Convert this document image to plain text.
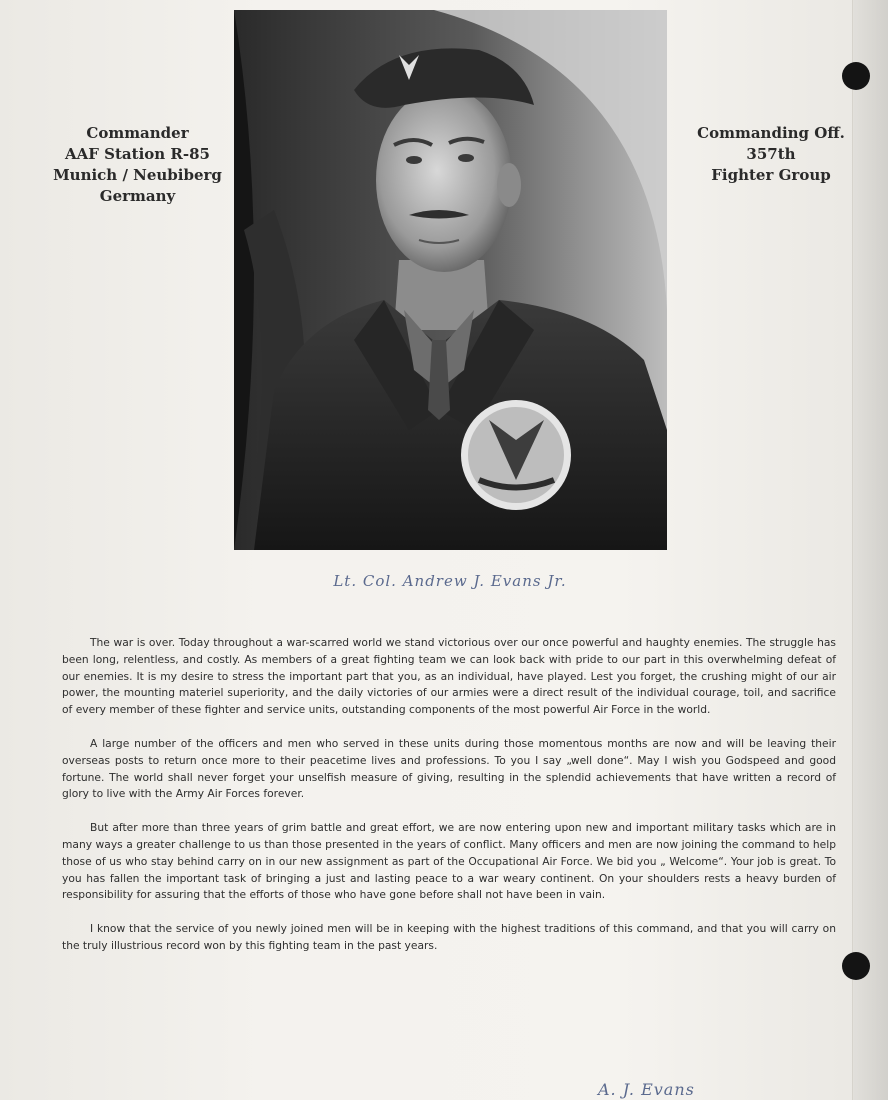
Commander
AAF Station R-85
Munich / Neubiberg
Germany
Commanding Off.
357th
Fighter Group
Lt. Col. Andrew J. Evans Jr.

The war is over. Today throughout a war-scarred world we stand victorious over our once powerful and haughty enemies. The struggle has been long, relentless, and costly. As members of a great fighting team we can look back with pride to our part in this overwhelming defeat of our enemies. It is my desire to stress the important part that you, as an individual, have played. Lest you forget, the crushing might of our air power, the mounting materiel superiority, and the daily victories of our armies were a direct result of the individual courage, toil, and sacrifice of every member of these fighter and service units, outstanding components of the most powerful Air Force in the world.

A large number of the officers and men who served in these units during those momentous months are now and will be leaving their overseas posts to return once more to their peacetime lives and professions. To you I say „well done“. May I wish you Godspeed and good fortune. The world shall never forget your unselfish measure of giving, resulting in the splendid achievements that have written a record of glory to live with the Army Air Forces forever.

But after more than three years of grim battle and great effort, we are now entering upon new and important military tasks which are in many ways a greater challenge to us than those presented in the years of conflict. Many officers and men are now joining the command to help those of us who stay behind carry on in our new assignment as part of the Occupational Air Force. We bid you „ Welcome“. Your job is great. To you has fallen the important task of bringing a just and lasting peace to a war weary continent. On your shoulders rests a heavy burden of responsibility for assuring that the efforts of those who have gone before shall not have been in vain.

I know that the service of you newly joined men will be in keeping with the highest traditions of this command, and that you will carry on the truly illustrious record won by this fighting team in the past years.

A. J. Evans
